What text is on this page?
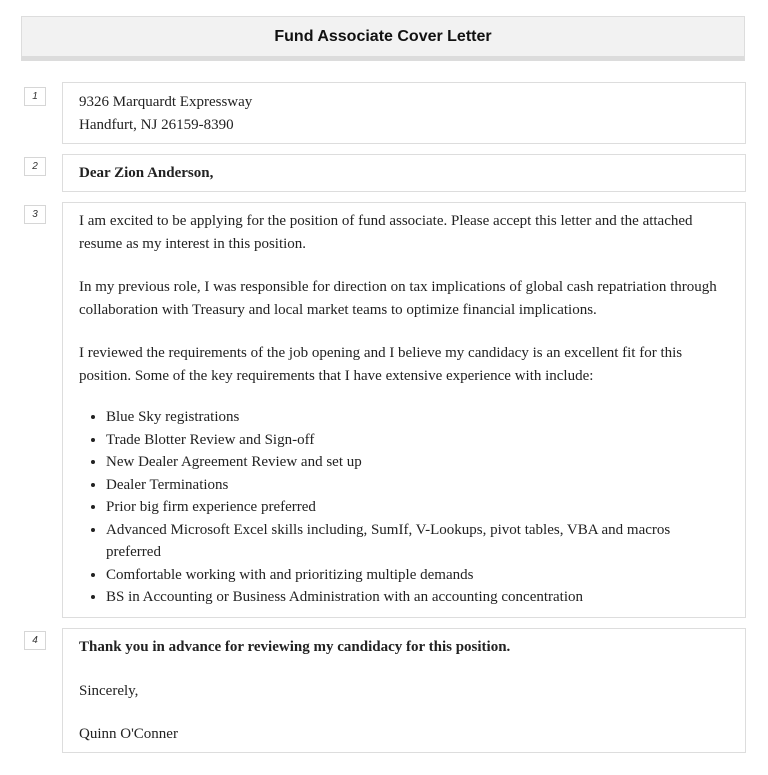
Fund Associate Cover Letter
1	9326 Marquardt Expressway

Handfurt, NJ 26159-8390

2	Dear Zion Anderson,

3	I am excited to be applying for the position of fund associate. Please accept this letter and the attached resume as my interest in this position.

In my previous role, I was responsible for direction on tax implications of global cash repatriation through collaboration with Treasury and local market teams to optimize financial implications.

I reviewed the requirements of the job opening and I believe my candidacy is an excellent fit for this position. Some of the key requirements that I have extensive experience with include:

• Blue Sky registrations
• Trade Blotter Review and Sign-off
• New Dealer Agreement Review and set up
• Dealer Terminations
• Prior big firm experience preferred
• Advanced Microsoft Excel skills including, SumIf, V-Lookups, pivot tables, VBA and macros preferred
• Comfortable working with and prioritizing multiple demands
• BS in Accounting or Business Administration with an accounting concentration
4	Thank you in advance for reviewing my candidacy for this position.

Sincerely,

Quinn O'Conner
